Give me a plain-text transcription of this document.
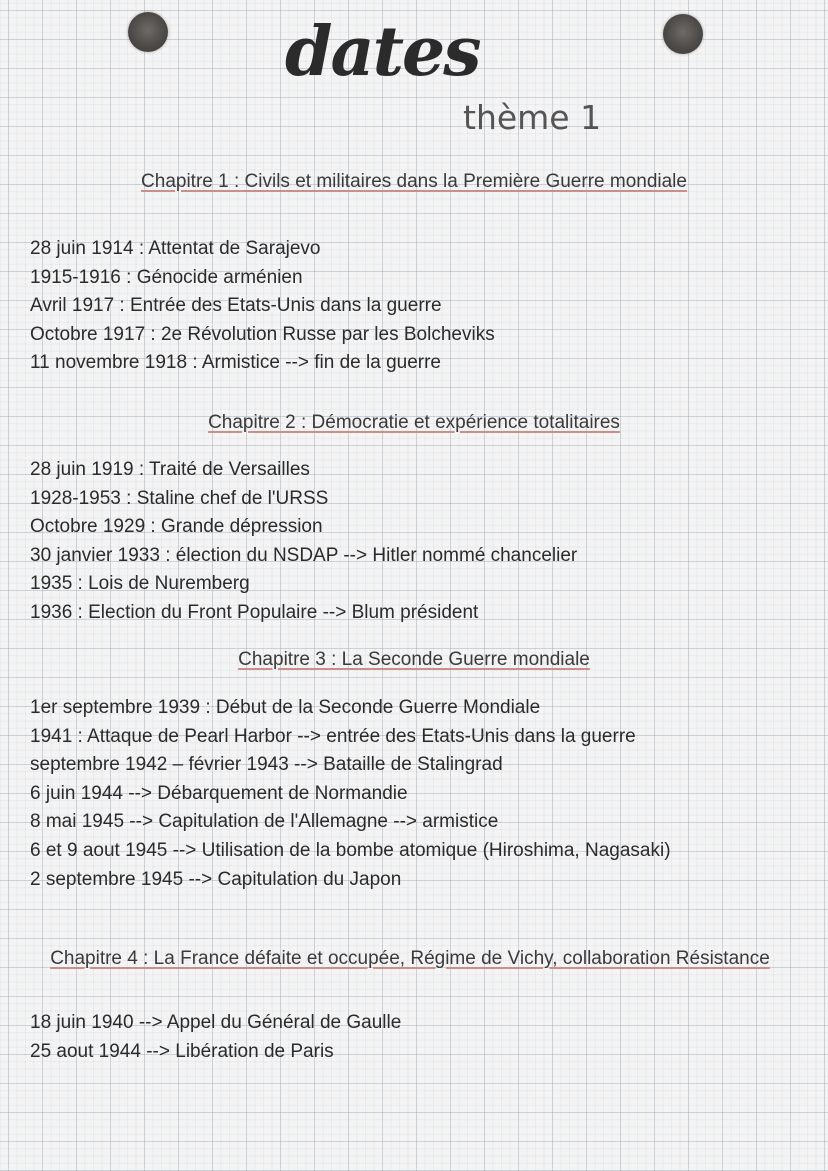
dates
thème 1
Chapitre 1 : Civils et militaires dans la Première Guerre mondiale
28 juin 1914 : Attentat de Sarajevo
1915-1916 : Génocide arménien
Avril 1917 : Entrée des Etats-Unis dans la guerre
Octobre 1917 : 2e Révolution Russe par les Bolcheviks
11 novembre 1918 : Armistice --> fin de la guerre
Chapitre 2 : Démocratie et expérience totalitaires
28 juin 1919 : Traité de Versailles
1928-1953 : Staline chef de l'URSS
Octobre 1929 : Grande dépression
30 janvier 1933 : élection du NSDAP --> Hitler nommé chancelier
1935 : Lois de Nuremberg
1936 : Election du Front Populaire --> Blum président
Chapitre 3 : La Seconde Guerre mondiale
1er septembre 1939 : Début de la Seconde Guerre Mondiale
1941 : Attaque de Pearl Harbor --> entrée des Etats-Unis dans la guerre
septembre 1942 – février 1943 --> Bataille de Stalingrad
6 juin 1944 --> Débarquement de Normandie
8 mai 1945 --> Capitulation de l'Allemagne --> armistice
6 et 9 aout 1945 --> Utilisation de la bombe atomique (Hiroshima, Nagasaki)
2 septembre 1945 --> Capitulation du Japon
Chapitre 4 : La France défaite et occupée, Régime de Vichy, collaboration Résistance
18 juin 1940 --> Appel du Général de Gaulle
25 aout 1944 --> Libération de Paris
